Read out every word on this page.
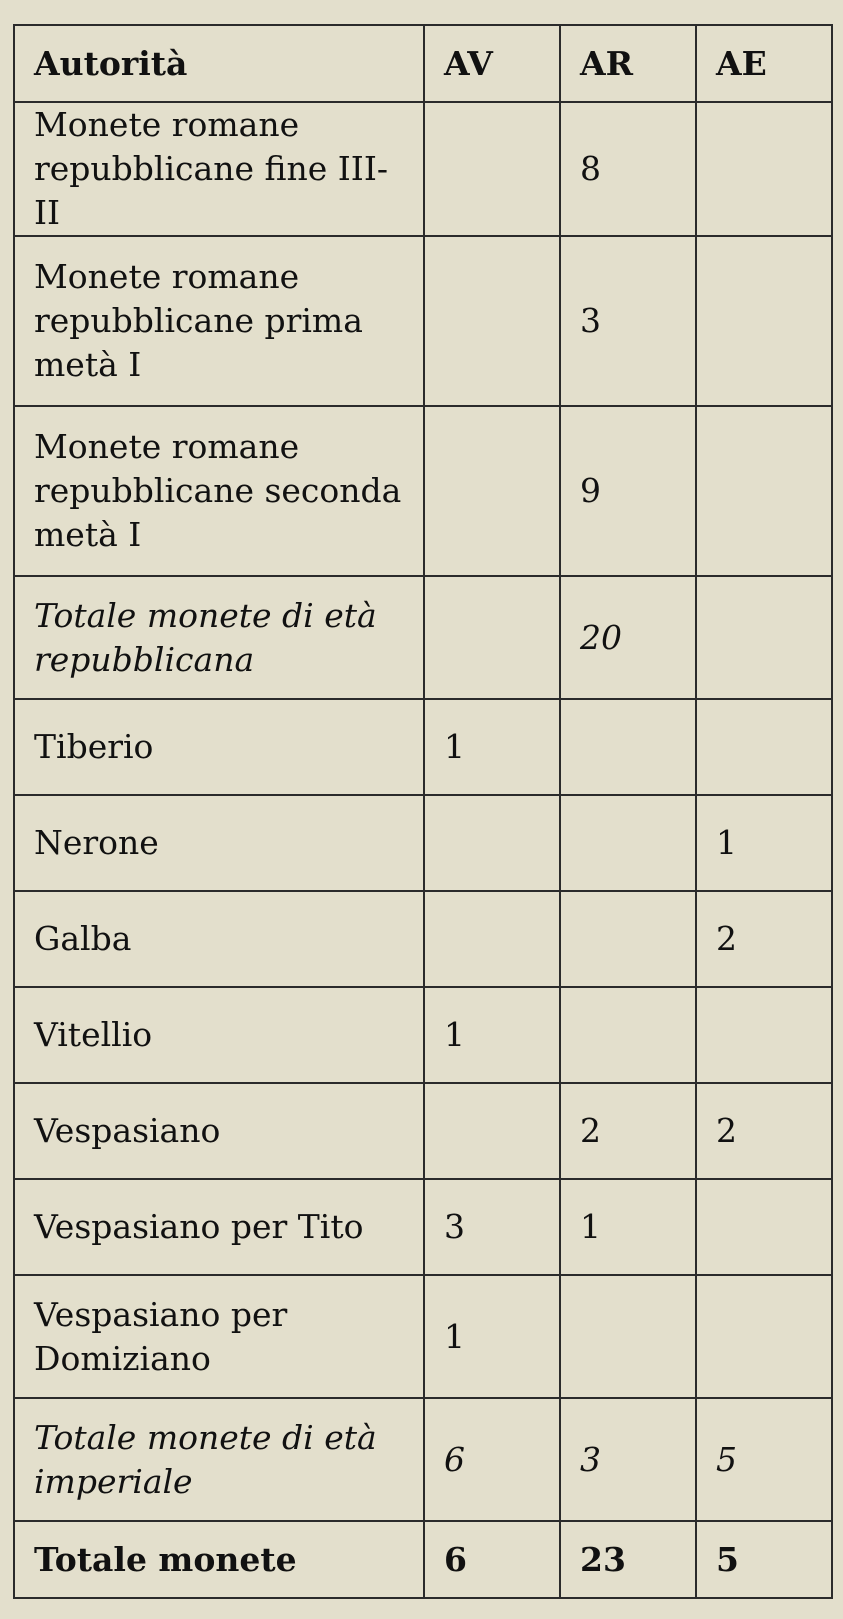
Autorità	AV	AR	AE
Monete romane repubblicane fine III-II		8	
Monete romane repubblicane prima metà I		3	
Monete romane repubblicane seconda metà I		9	
Totale monete di età repubblicana		20	
Tiberio	1		
Nerone			1
Galba			2
Vitellio	1		
Vespasiano		2	2
Vespasiano per Tito	3	1	
Vespasiano per Domiziano	1		
Totale monete di età imperiale	6	3	5
Totale monete	6	23	5
